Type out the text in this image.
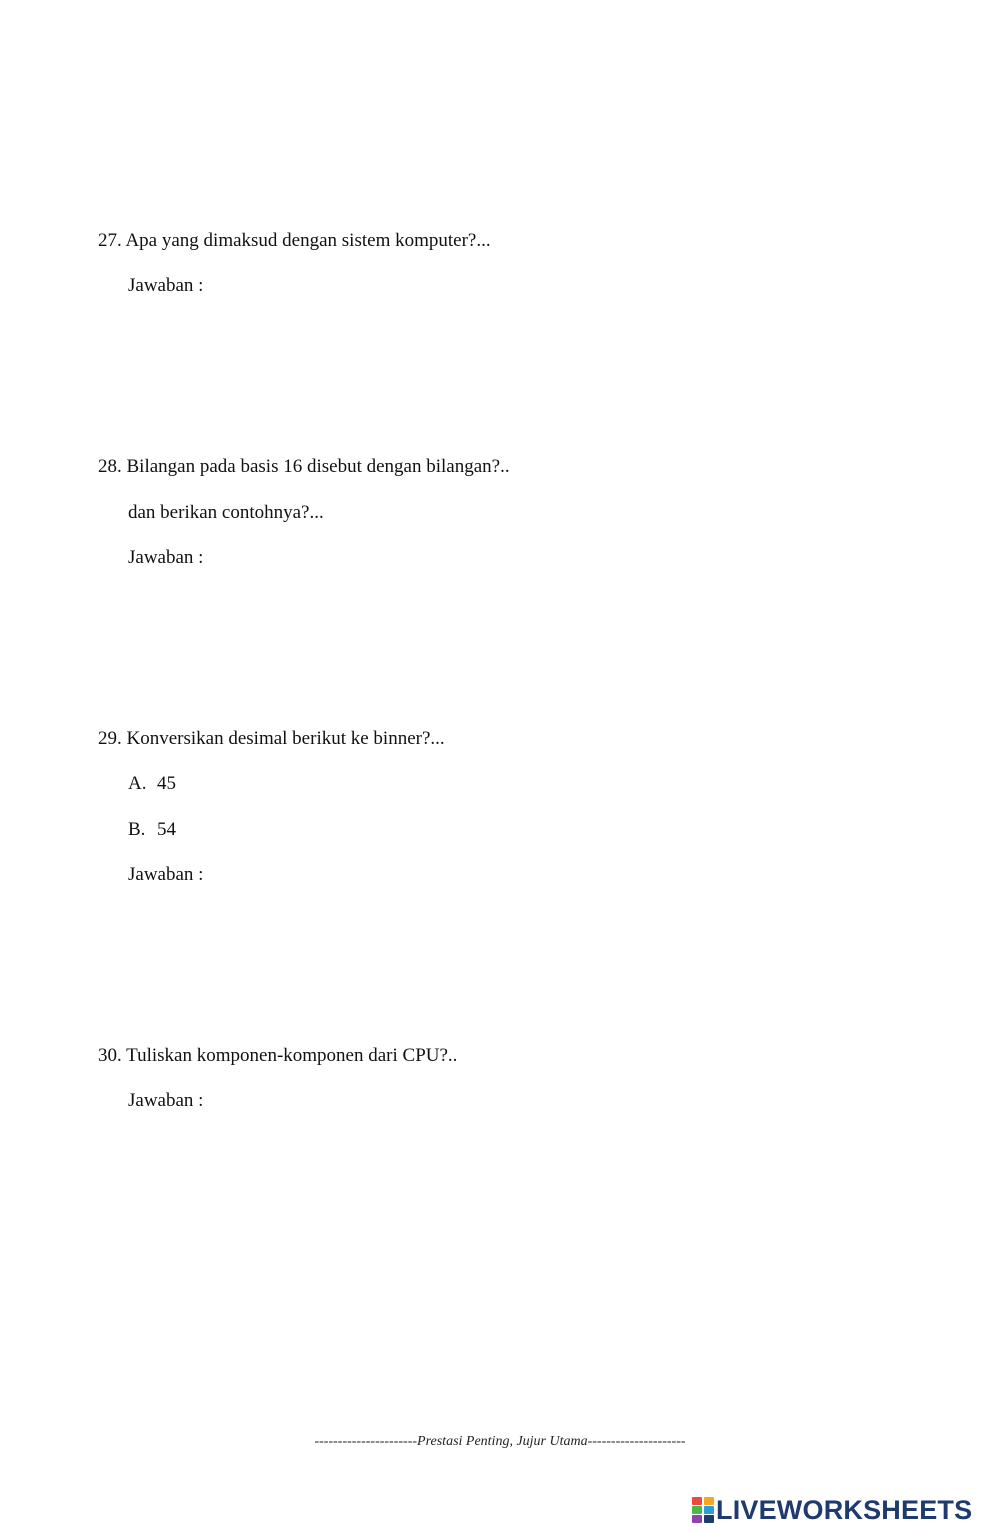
27. Apa yang dimaksud dengan sistem komputer?...
Jawaban :
28. Bilangan pada basis 16 disebut dengan bilangan?..
dan berikan contohnya?...
Jawaban :
29. Konversikan desimal berikut ke binner?...
A. 45
B. 54
Jawaban :
30. Tuliskan komponen-komponen dari CPU?..
Jawaban :
----------------------Prestasi Penting, Jujur Utama---------------------
LIVEWORKSHEETS
